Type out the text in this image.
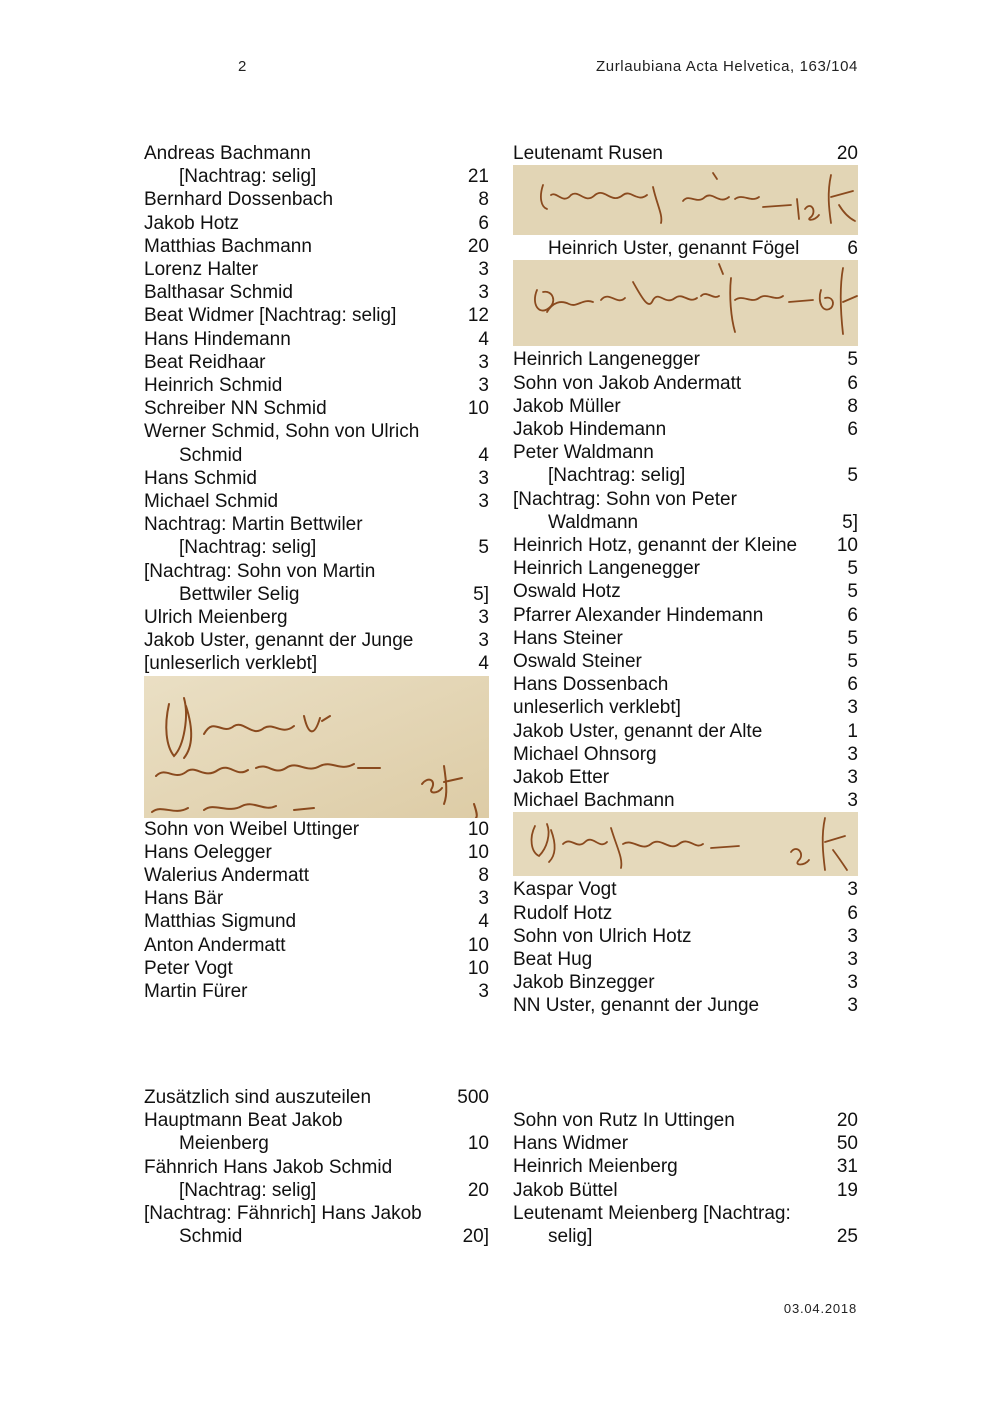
2	Zurlaubiana Acta Helvetica, 163/104
Andreas Bachmann
[Nachtrag: selig]	21
Bernhard Dossenbach	8
Jakob Hotz	6
Matthias Bachmann	20
Lorenz Halter	3
Balthasar Schmid	3
Beat Widmer [Nachtrag: selig]	12
Hans Hindemann	4
Beat Reidhaar	3
Heinrich Schmid	3
Schreiber NN Schmid	10
Werner Schmid, Sohn von Ulrich
Schmid	4
Hans Schmid	3
Michael Schmid	3
Nachtrag: Martin Bettwiler
[Nachtrag: selig]	5
[Nachtrag: Sohn von Martin
Bettwiler Selig	5]
Ulrich Meienberg	3
Jakob Uster, genannt der Junge	3
[unleserlich verklebt]	4
Sohn von Weibel Uttinger	10
Hans Oelegger	10
Walerius Andermatt	8
Hans Bär	3
Matthias Sigmund	4
Anton Andermatt	10
Peter Vogt	10
Martin Fürer	3
Leutenamt Rusen	20
Heinrich Uster, genannt Fögel	6
Heinrich Langenegger	5
Sohn von Jakob Andermatt	6
Jakob Müller	8
Jakob Hindemann	6
Peter Waldmann
[Nachtrag: selig]	5
[Nachtrag: Sohn von Peter
Waldmann	5]
Heinrich Hotz, genannt der Kleine	10
Heinrich Langenegger	5
Oswald Hotz	5
Pfarrer Alexander Hindemann	6
Hans Steiner	5
Oswald Steiner	5
Hans Dossenbach	6
unleserlich verklebt]	3
Jakob Uster, genannt der Alte	1
Michael Ohnsorg	3
Jakob Etter	3
Michael Bachmann	3
Kaspar Vogt	3
Rudolf Hotz	6
Sohn von Ulrich Hotz	3
Beat Hug	3
Jakob Binzegger	3
NN Uster, genannt der Junge	3
Zusätzlich sind auszuteilen	500
Hauptmann Beat Jakob
Meienberg	10
Fähnrich Hans Jakob Schmid
[Nachtrag: selig]	20
[Nachtrag: Fähnrich] Hans Jakob
Schmid	20]
Sohn von Rutz In Uttingen	20
Hans Widmer	50
Heinrich Meienberg	31
Jakob Büttel	19
Leutenamt Meienberg [Nachtrag:
selig]	25
03.04.2018
